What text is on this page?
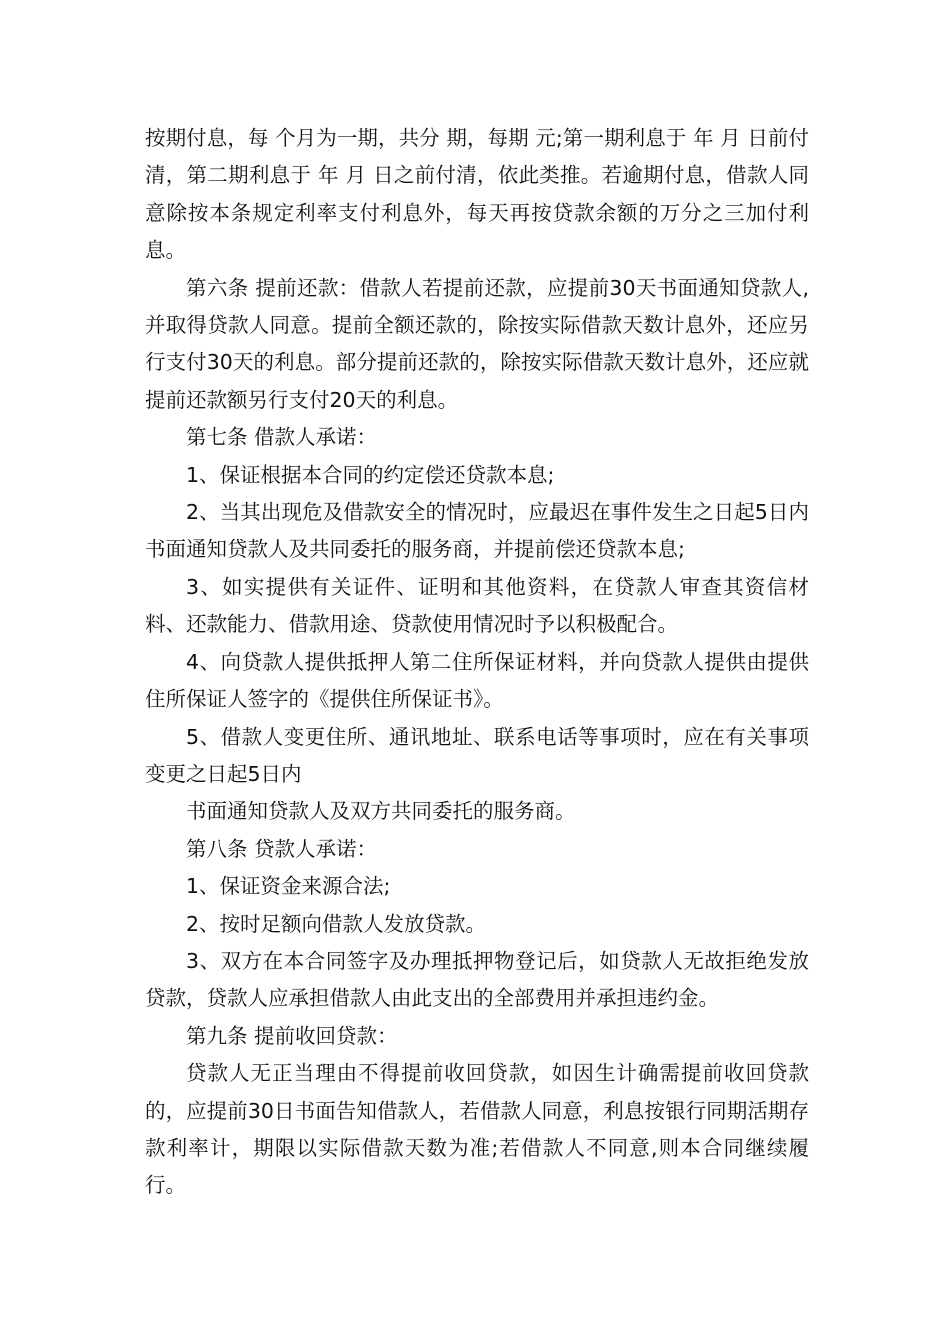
按期付息，每 个月为一期，共分 期，每期 元;第一期利息于 年 月 日前付清，第二期利息于 年 月 日之前付清，依此类推。若逾期付息，借款人同意除按本条规定利率支付利息外，每天再按贷款余额的万分之三加付利息。

第六条 提前还款：借款人若提前还款，应提前30天书面通知贷款人,并取得贷款人同意。提前全额还款的，除按实际借款天数计息外，还应另行支付30天的利息。部分提前还款的，除按实际借款天数计息外，还应就提前还款额另行支付20天的利息。

第七条 借款人承诺：

1、保证根据本合同的约定偿还贷款本息;

2、当其出现危及借款安全的情况时，应最迟在事件发生之日起5日内书面通知贷款人及共同委托的服务商，并提前偿还贷款本息;

3、如实提供有关证件、证明和其他资料，在贷款人审查其资信材料、还款能力、借款用途、贷款使用情况时予以积极配合。

4、向贷款人提供抵押人第二住所保证材料，并向贷款人提供由提供住所保证人签字的《提供住所保证书》。

5、借款人变更住所、通讯地址、联系电话等事项时，应在有关事项变更之日起5日内

书面通知贷款人及双方共同委托的服务商。

第八条 贷款人承诺：

1、保证资金来源合法;

2、按时足额向借款人发放贷款。

3、双方在本合同签字及办理抵押物登记后，如贷款人无故拒绝发放贷款，贷款人应承担借款人由此支出的全部费用并承担违约金。

第九条 提前收回贷款：

贷款人无正当理由不得提前收回贷款，如因生计确需提前收回贷款的，应提前30日书面告知借款人，若借款人同意，利息按银行同期活期存款利率计，期限以实际借款天数为准;若借款人不同意,则本合同继续履行。
